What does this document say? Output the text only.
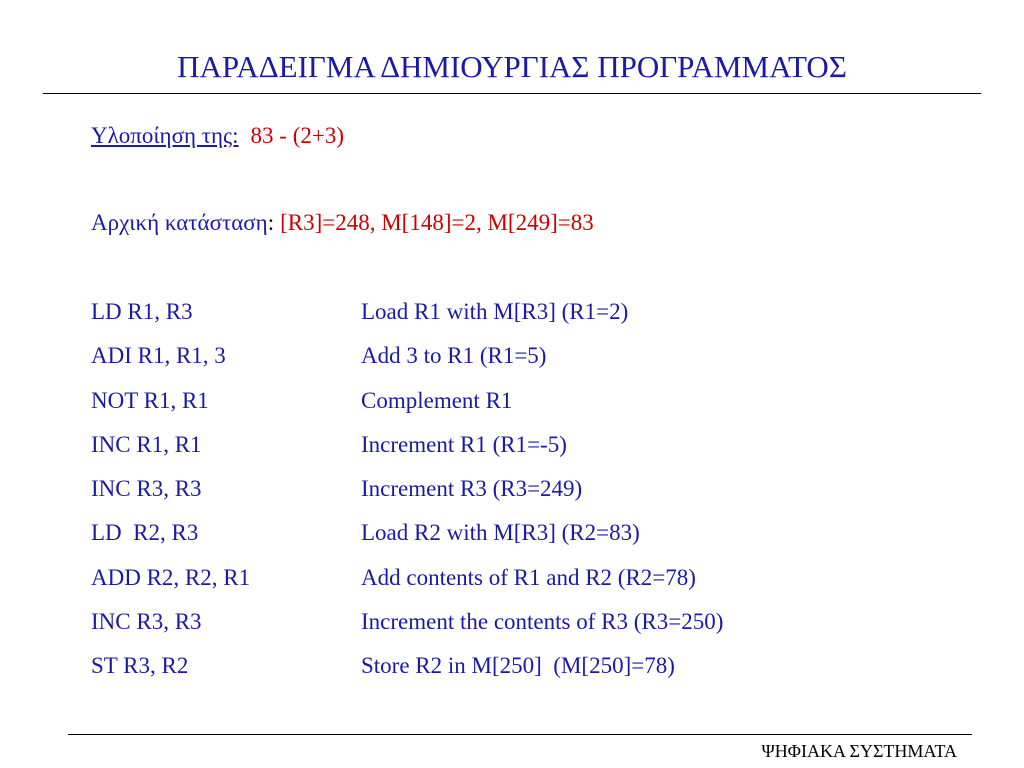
ΠΑΡΑΔΕΙΓΜΑ ΔΗΜΙΟΥΡΓΙΑΣ ΠΡΟΓΡΑΜΜΑΤΟΣ
Υλοποίηση της: 83 - (2+3)
Αρχική κατάσταση: [R3]=248, M[148]=2, M[249]=83
LD R1, R3	Load R1 with M[R3] (R1=2)
ADI R1, R1, 3	Add 3 to R1 (R1=5)
NOT R1, R1	Complement R1
INC R1, R1	Increment R1 (R1=-5)
INC R3, R3	Increment R3 (R3=249)
LD  R2, R3	Load R2 with M[R3] (R2=83)
ADD R2, R2, R1	Add contents of R1 and R2 (R2=78)
INC R3, R3	Increment the contents of R3 (R3=250)
ST R3, R2	Store R2 in M[250]  (M[250]=78)
ΨΗΦΙΑΚΑ ΣΥΣΤΗΜΑΤΑ
